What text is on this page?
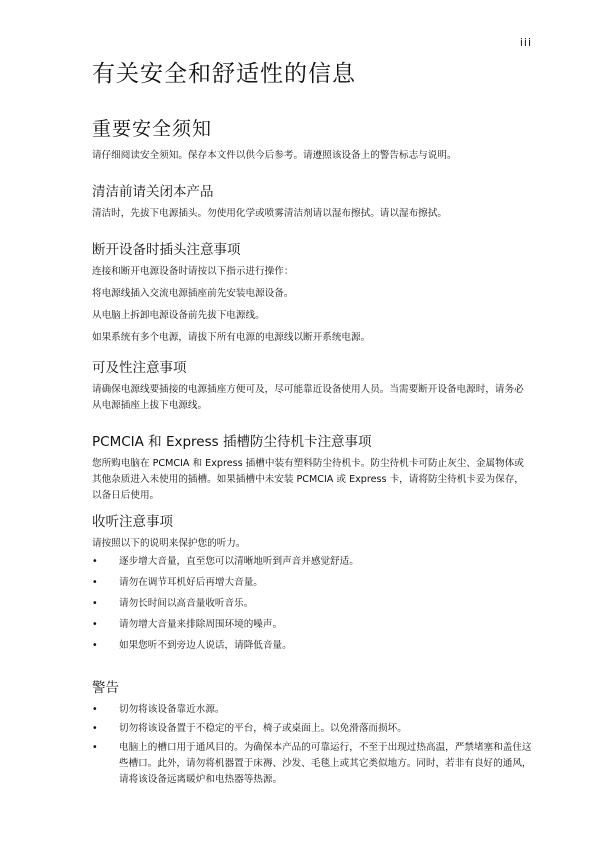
iii
有关安全和舒适性的信息
重要安全须知

请仔细阅读安全须知。保存本文件以供今后参考。请遵照该设备上的警告标志与说明。

清洁前请关闭本产品

清洁时，先拔下电源插头。勿使用化学或喷雾清洁剂请以湿布擦拭。请以湿布擦拭。

断开设备时插头注意事项

连接和断开电源设备时请按以下指示进行操作：

将电源线插入交流电源插座前先安装电源设备。

从电脑上拆卸电源设备前先拔下电源线。

如果系统有多个电源，请拔下所有电源的电源线以断开系统电源。

可及性注意事项

请确保电源线要插接的电源插座方便可及，尽可能靠近设备使用人员。当需要断开设备电源时，请务必从电源插座上拔下电源线。

PCMCIA 和 Express 插槽防尘待机卡注意事项

您所购电脑在 PCMCIA 和 Express 插槽中装有塑料防尘待机卡。防尘待机卡可防止灰尘、金属物体或其他杂质进入未使用的插槽。如果插槽中未安装 PCMCIA 或 Express 卡，请将防尘待机卡妥为保存，以备日后使用。

收听注意事项

请按照以下的说明来保护您的听力。

• 逐步增大音量，直至您可以清晰地听到声音并感觉舒适。
• 请勿在调节耳机好后再增大音量。
• 请勿长时间以高音量收听音乐。
• 请勿增大音量来排除周围环境的噪声。
• 如果您听不到旁边人说话，请降低音量。
警告
• 切勿将该设备靠近水源。
• 切勿将该设备置于不稳定的平台，椅子或桌面上。以免滑落而损坏。
• 电脑上的槽口用于通风目的。为确保本产品的可靠运行，不至于出现过热高温，严禁堵塞和盖住这些槽口。此外，请勿将机器置于床褥、沙发、毛毯上或其它类似地方。同时，若非有良好的通风，请将该设备远离暖炉和电热器等热源。
